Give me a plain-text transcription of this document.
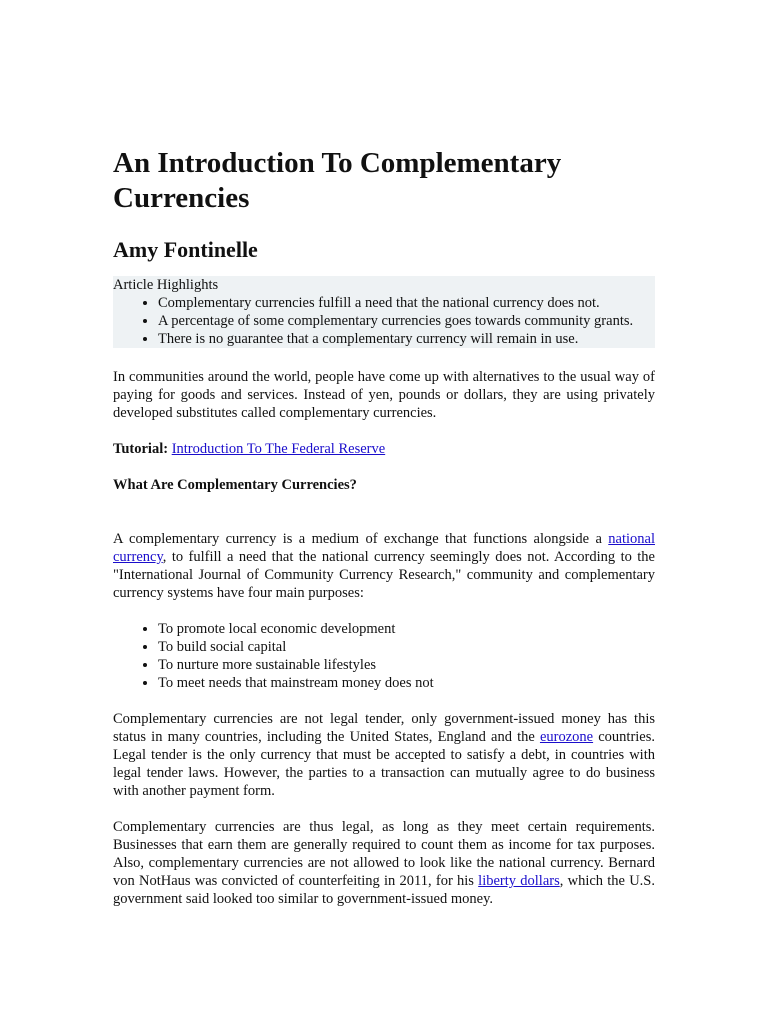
An Introduction To Complementary Currencies
Amy Fontinelle
Article Highlights
• Complementary currencies fulfill a need that the national currency does not.
• A percentage of some complementary currencies goes towards community grants.
• There is no guarantee that a complementary currency will remain in use.

In communities around the world, people have come up with alternatives to the usual way of paying for goods and services. Instead of yen, pounds or dollars, they are using privately developed substitutes called complementary currencies.

Tutorial: Introduction To The Federal Reserve

What Are Complementary Currencies?

A complementary currency is a medium of exchange that functions alongside a national currency, to fulfill a need that the national currency seemingly does not. According to the "International Journal of Community Currency Research," community and complementary currency systems have four main purposes:

• To promote local economic development
• To build social capital
• To nurture more sustainable lifestyles
• To meet needs that mainstream money does not

Complementary currencies are not legal tender, only government-issued money has this status in many countries, including the United States, England and the eurozone countries. Legal tender is the only currency that must be accepted to satisfy a debt, in countries with legal tender laws. However, the parties to a transaction can mutually agree to do business with another payment form.

Complementary currencies are thus legal, as long as they meet certain requirements. Businesses that earn them are generally required to count them as income for tax purposes. Also, complementary currencies are not allowed to look like the national currency. Bernard von NotHaus was convicted of counterfeiting in 2011, for his liberty dollars, which the U.S. government said looked too similar to government-issued money.
